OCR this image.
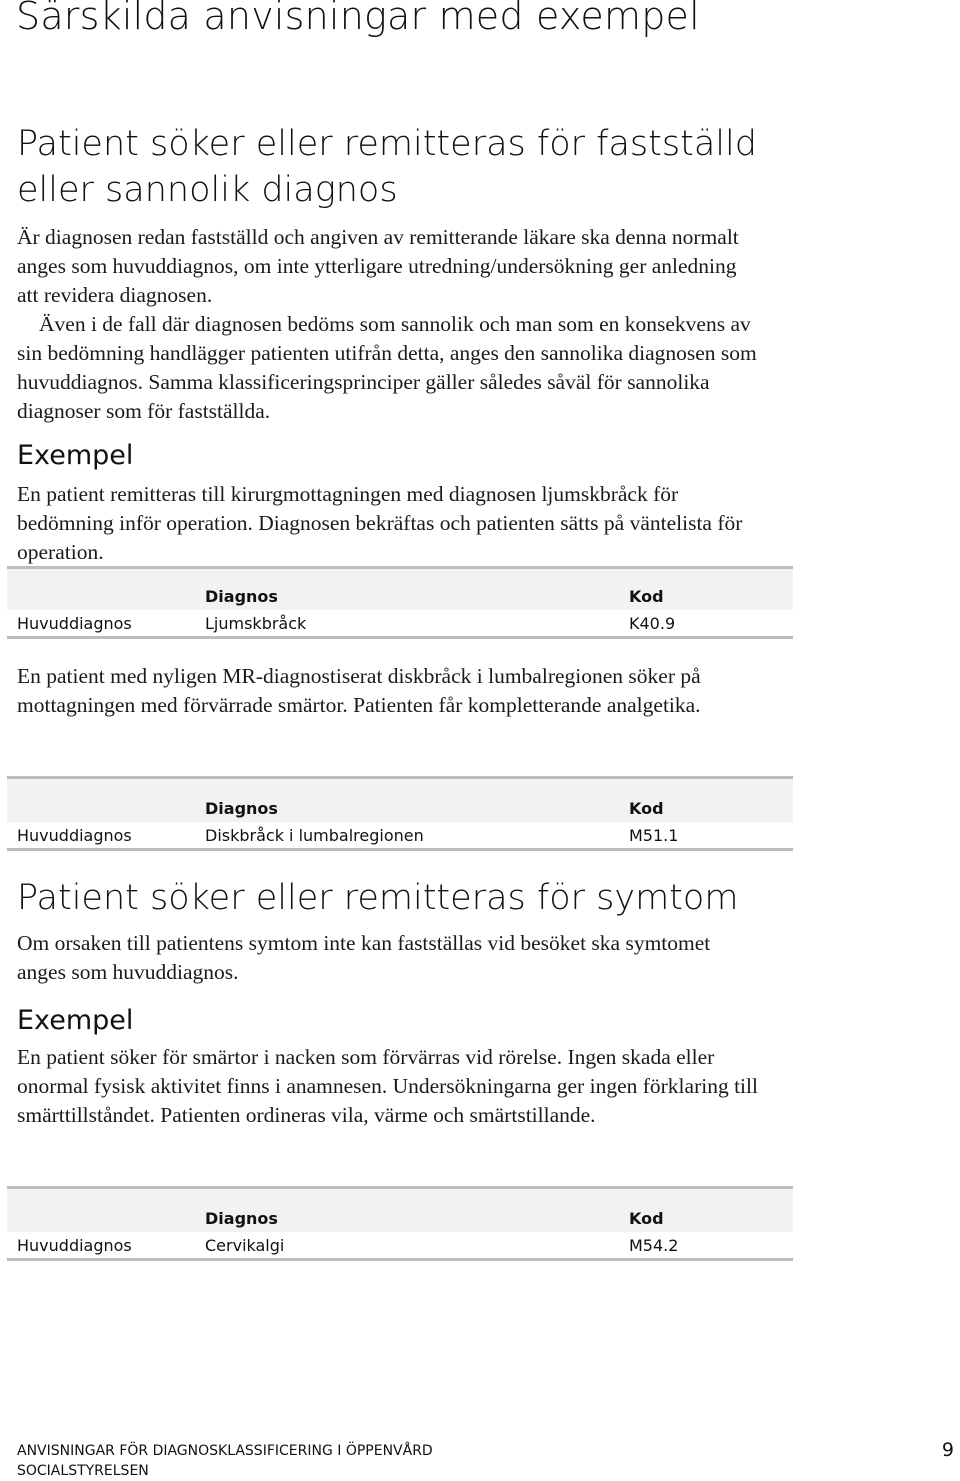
Särskilda anvisningar med exempel
Patient söker eller remitteras för fastställd
eller sannolik diagnos
Är diagnosen redan fastställd och angiven av remitterande läkare ska denna normalt anges som huvuddiagnos, om inte ytterligare utredning/undersökning ger anledning att revidera diagnosen.
Även i de fall där diagnosen bedöms som sannolik och man som en konsekvens av sin bedömning handlägger patienten utifrån detta, anges den sannolika diagnosen som huvuddiagnos. Samma klassificeringsprinciper gäller således såväl för sannolika diagnoser som för fastställda.
Exempel
En patient remitteras till kirurgmottagningen med diagnosen ljumskbråck för bedömning inför operation. Diagnosen bekräftas och patienten sätts på väntelista för operation.
	Diagnos	Kod
Huvuddiagnos	Ljumskbråck	K40.9
En patient med nyligen MR-diagnostiserat diskbråck i lumbalregionen söker på mottagningen med förvärrade smärtor. Patienten får kompletterande analgetika.
	Diagnos	Kod
Huvuddiagnos	Diskbråck i lumbalregionen	M51.1
Patient söker eller remitteras för symtom
Om orsaken till patientens symtom inte kan fastställas vid besöket ska symtomet anges som huvuddiagnos.
Exempel
En patient söker för smärtor i nacken som förvärras vid rörelse. Ingen skada eller onormal fysisk aktivitet finns i anamnesen. Undersökningarna ger ingen förklaring till smärttillståndet. Patienten ordineras vila, värme och smärtstillande.
	Diagnos	Kod
Huvuddiagnos	Cervikalgi	M54.2
ANVISNINGAR FÖR DIAGNOSKLASSIFICERING I ÖPPENVÅRD
SOCIALSTYRELSEN
9
